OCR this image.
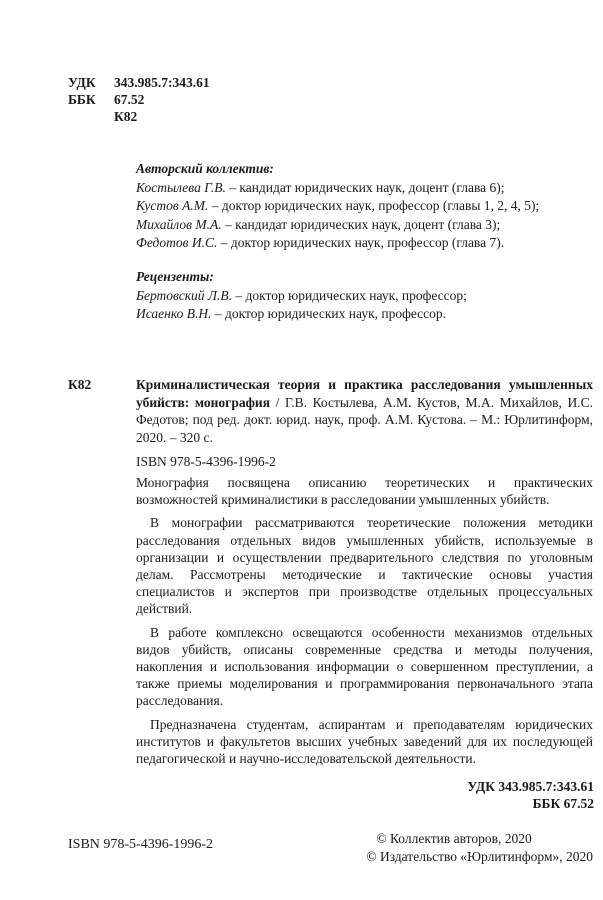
УДК	343.985.7:343.61
ББК	67.52
К82
Авторский коллектив:
Костылева Г.В. – кандидат юридических наук, доцент (глава 6);
Кустов А.М. – доктор юридических наук, профессор (главы 1, 2, 4, 5);
Михайлов М.А. – кандидат юридических наук, доцент (глава 3);
Федотов И.С. – доктор юридических наук, профессор (глава 7).
Рецензенты:
Бертовский Л.В. – доктор юридических наук, профессор;
Исаенко В.Н. – доктор юридических наук, профессор.
К82	Криминалистическая теория и практика расследования умышленных убийств: монография / Г.В. Костылева, А.М. Кустов, М.А. Михайлов, И.С. Федотов; под ред. докт. юрид. наук, проф. А.М. Кустова. – М.: Юрлитинформ, 2020. – 320 с.
ISBN 978-5-4396-1996-2

Монография посвящена описанию теоретических и практических возможностей криминалистики в расследовании умышленных убийств.

В монографии рассматриваются теоретические положения методики расследования отдельных видов умышленных убийств, используемые в организации и осуществлении предварительного следствия по уголовным делам. Рассмотрены методические и тактические основы участия специалистов и экспертов при производстве отдельных процессуальных действий.

В работе комплексно освещаются особенности механизмов отдельных видов убийств, описаны современные средства и методы получения, накопления и использования информации о совершенном преступлении, а также приемы моделирования и программирования первоначального этапа расследования.

Предназначена студентам, аспирантам и преподавателям юридических институтов и факультетов высших учебных заведений для их последующей педагогической и научно-исследовательской деятельности.

УДК 343.985.7:343.61
ББК 67.52
ISBN 978-5-4396-1996-2	© Коллектив авторов, 2020
© Издательство «Юрлитинформ», 2020
